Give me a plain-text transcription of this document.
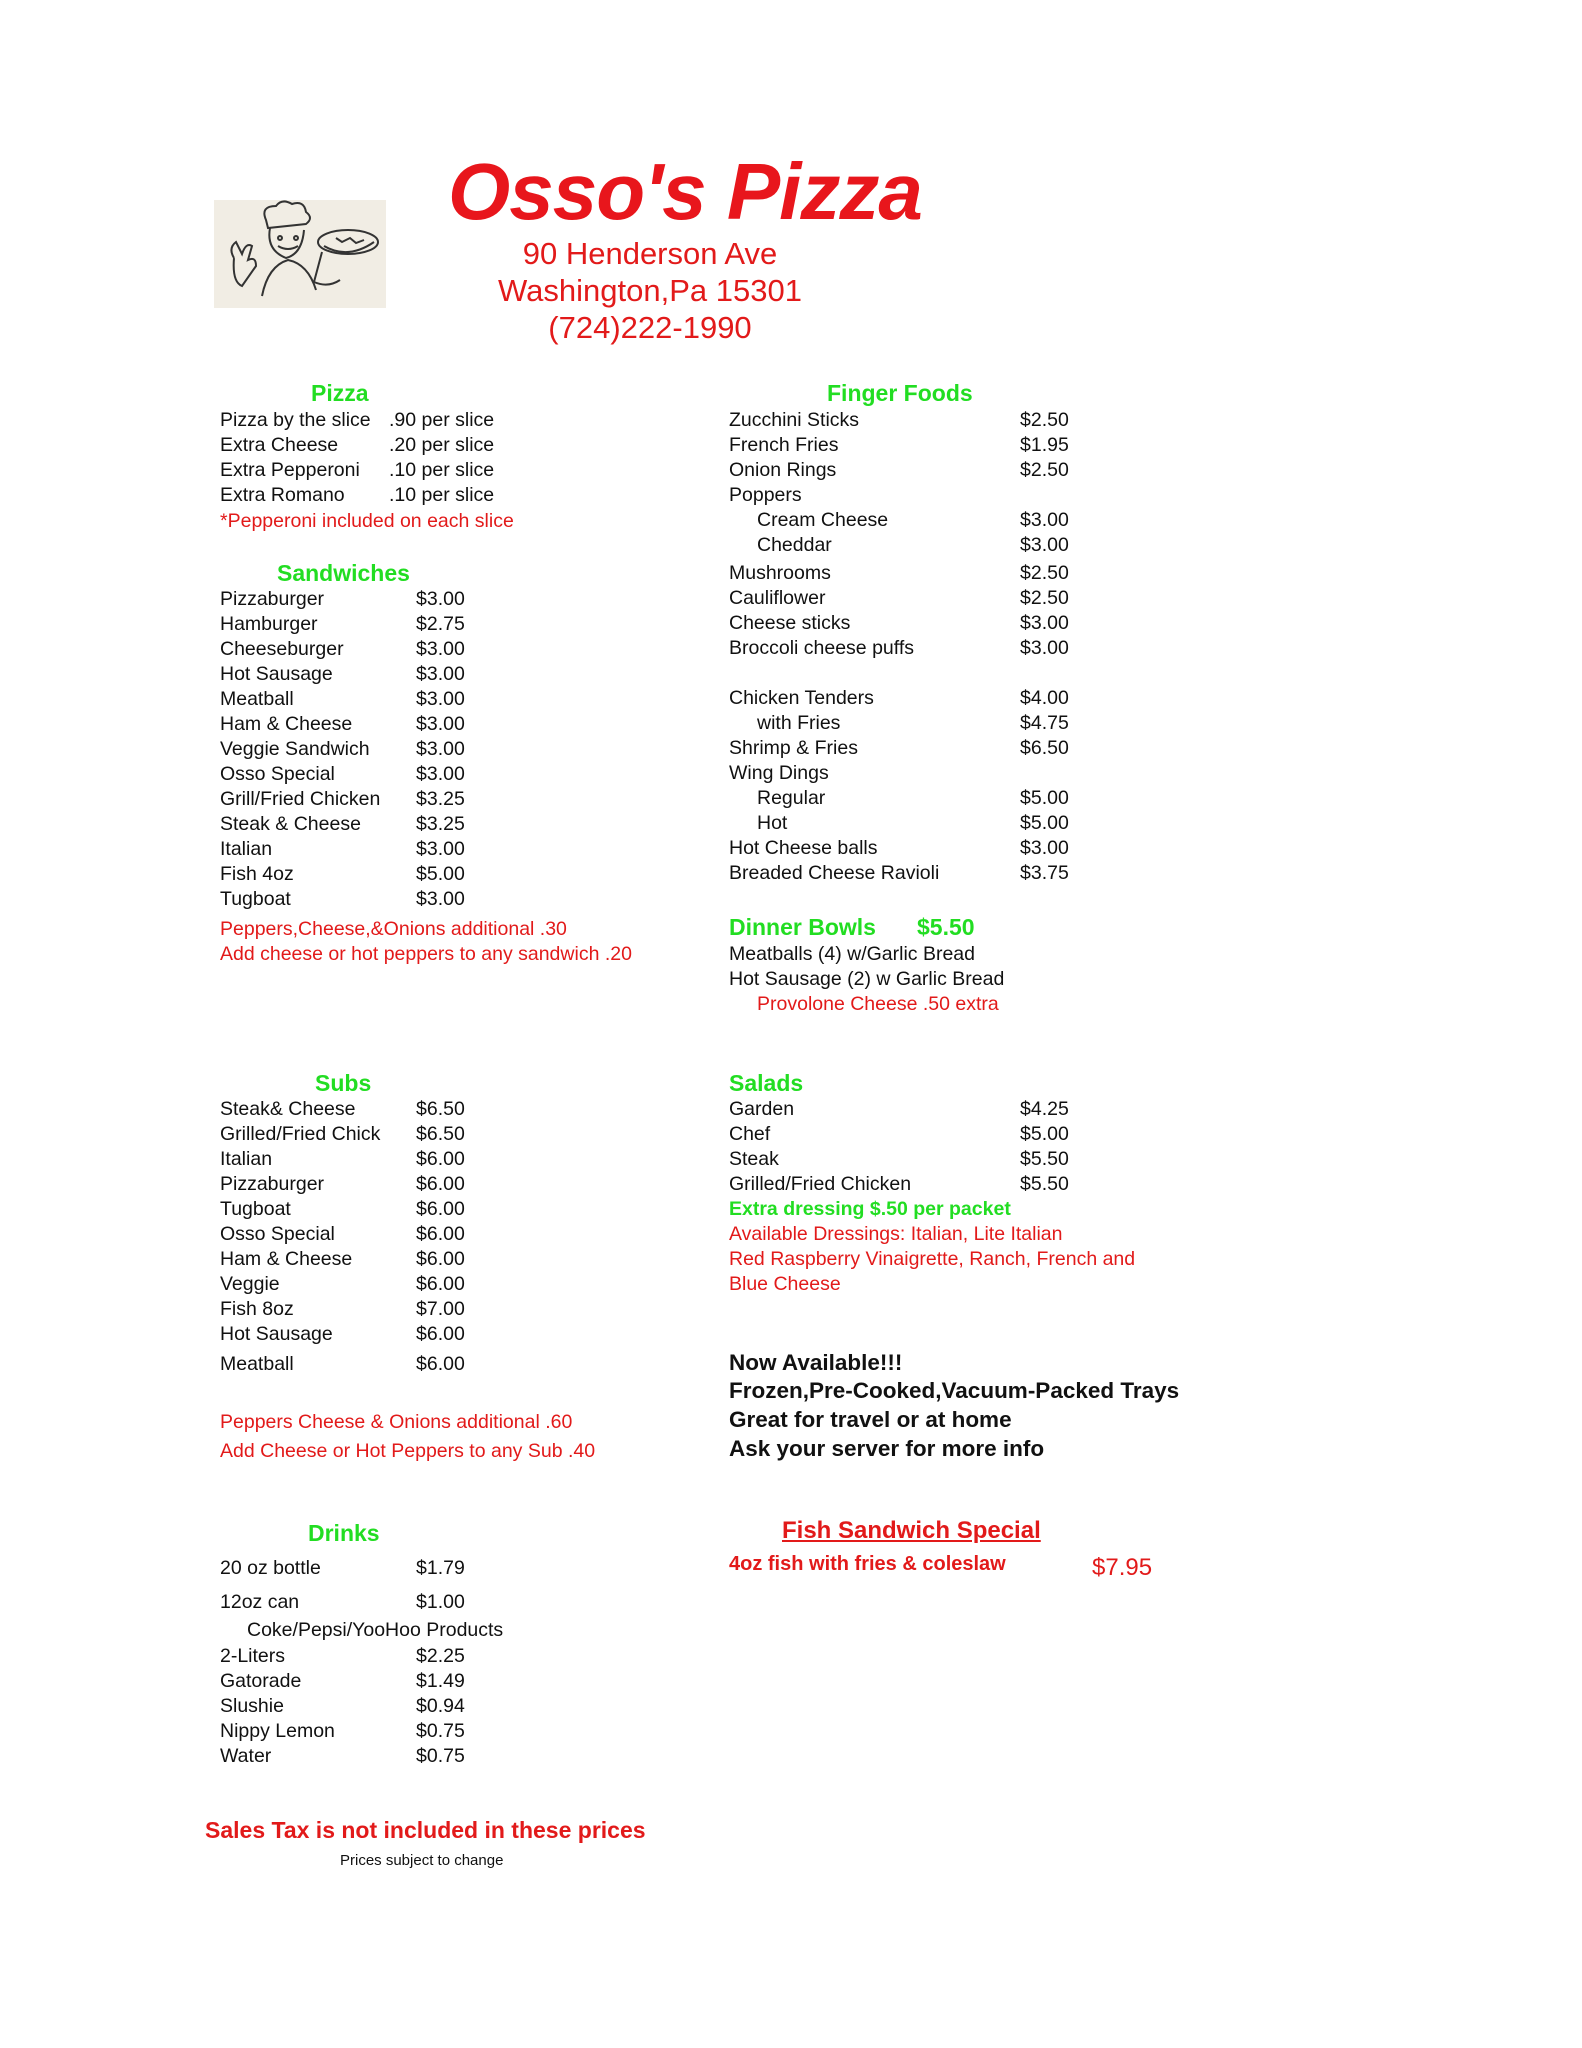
Osso's Pizza
90 Henderson Ave
Washington,Pa 15301
(724)222-1990
Pizza
Pizza by the slice .90 per slice
Extra Cheese	.20 per slice
Extra Pepperoni .10 per slice
Extra Romano .10 per slice
*Pepperoni included on each slice
Sandwiches
Pizzaburger	$3.00
Hamburger	$2.75
Cheeseburger	$3.00
Hot Sausage	$3.00
Meatball	$3.00
Ham & Cheese	$3.00
Veggie Sandwich $3.00
Osso Special	$3.00
Grill/Fried Chicken $3.25
Steak & Cheese	$3.25
Italian	$3.00
Fish 4oz	$5.00
Tugboat	$3.00
Peppers,Cheese,&Onions additional .30
Add cheese or hot peppers to any sandwich .20
Finger Foods
Zucchini Sticks	$2.50
French Fries	$1.95
Onion Rings	$2.50
Poppers
Cream Cheese	$3.00
Cheddar	$3.00
Mushrooms	$2.50
Cauliflower	$2.50
Cheese sticks	$3.00
Broccoli cheese puffs	$3.00
Chicken Tenders	$4.00
with Fries	$4.75
Shrimp & Fries	$6.50
Wing Dings
Regular	$5.00
Hot	$5.00
Hot Cheese balls	$3.00
Breaded Cheese Ravioli	$3.75
Dinner Bowls $5.50
Meatballs (4) w/Garlic Bread
Hot Sausage (2) w Garlic Bread
Provolone Cheese .50 extra
Subs
Steak& Cheese	$6.50
Grilled/Fried Chick $6.50
Italian	$6.00
Pizzaburger	$6.00
Tugboat	$6.00
Osso Special	$6.00
Ham & Cheese	$6.00
Veggie	$6.00
Fish 8oz	$7.00
Hot Sausage	$6.00
Meatball	$6.00
Peppers Cheese & Onions additional .60
Add Cheese or Hot Peppers to any Sub .40
Salads
Garden	$4.25
Chef	$5.00
Steak	$5.50
Grilled/Fried Chicken	$5.50
Extra dressing $.50 per packet
Available Dressings: Italian, Lite Italian
Red Raspberry Vinaigrette, Ranch, French and
Blue Cheese
Now Available!!!
Frozen,Pre-Cooked,Vacuum-Packed Trays
Great for travel or at home
Ask your server for more info
Drinks
20 oz bottle	$1.79
12oz can	$1.00
Coke/Pepsi/YooHoo Products
2-Liters	$2.25
Gatorade	$1.49
Slushie	$0.94
Nippy Lemon	$0.75
Water	$0.75
Fish Sandwich Special
4oz fish with fries & coleslaw	$7.95
Sales Tax is not included in these prices
Prices subject to change
